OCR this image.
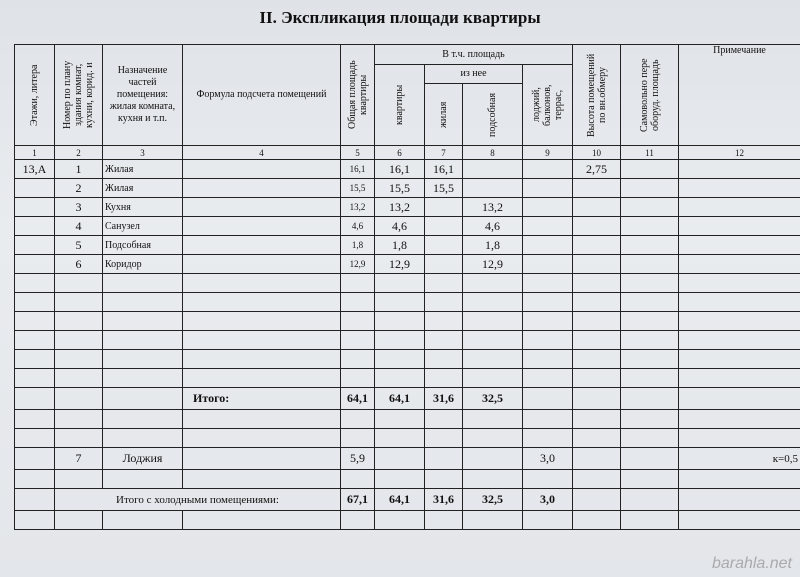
II. Экспликация площади квартиры
Этажи, литера	Номер по плану здания комнат, кухни, корид. и	Назначение частей помещения: жилая комната, кухня и т.п.	Формула подсчета помещений	Общая площадь квартиры	В т.ч. площадь				Высота помещений по вн.обмеру	Самовольно пере оборуд. площадь	Примечание

					квартиры	из нее		лоджий, балконов, террас,			

						жилая	подсобная				

1	2	3	4	5	6	7	8	9	10	11	12
13,А	1	Жилая		16,1	16,1	16,1			2,75		
	2	Жилая		15,5	15,5	15,5					
	3	Кухня		13,2	13,2		13,2				
	4	Санузел		4,6	4,6		4,6				
	5	Подсобная		1,8	1,8		1,8				
	6	Коридор		12,9	12,9		12,9				

			Итого:	64,1	64,1	31,6	32,5				

	7	Лоджия		5,9				3,0			к=0,5

	Итого с холодными помещениями:			67,1	64,1	31,6	32,5	3,0			

barahla.net
